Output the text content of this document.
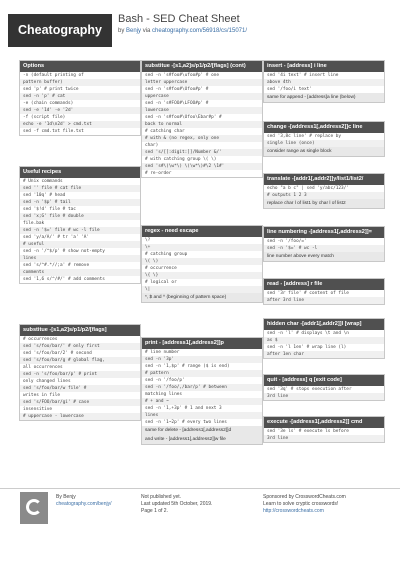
Cheatography
Bash - SED Cheat Sheet
by Benjy via cheatography.com/56918/cs/15071/
Options
-n (default printing of
pattern buffer)
sed 'p' # print twice
sed -n 'p' # cat
-e (chain commands)
sed -e '1d' -e '2d'
-f (script file)
echo -e '1d\n2d' > cmd.txt
sed -f cmd.txt file.txt
Useful recipes
# Unix commands
sed '' file # cat file
sed '10q' # head
sed -n '$p' # tail
sed '$!d' file # tac
sed 'x;G' file # double
file.bak
sed -n '$=' file # wc -l file
sed 'y/a/A/' # tr 'a' 'A'
# useful
sed -n '/^$/p' # show not-empty
lines
sed 's/^#.*//;a' # remove
comments
sed '1,6 s/^/#/' # add comments
substitue -[s1,a2]s/p1/p2/[flags]
# occurrences
sed 's/foo/bar/' # only first
sed 's/foo/bar/2' # second
sed 's/foo/bar/g # global flag,
all occurrences
sed -n 's/foo/bar/p' # print
only changed lines
sed 's/foo/bar/w file' #
writes in file
sed 's/FOO/bar/gi' # case
insensitive
# uppercase - lowercase
substitue -[s1,a2]s/p1/p2/[flags] (cont)
sed -n 's#foo#\ufoo#p' # one
letter uppercase
sed -n 's#foo#\Ufoo#p' #
uppercase
sed -n 's#FOO#\LFOO#p' #
lowercase
sed -n 's#foo#\Ufoo\Ebar#p' #
back to normal
# catching char
# with & (no regex, only one
char)
sed 's/[[:digit:]]/Number &/'
# with catching group \( \)
sed 's#\(\w*\) \(\w*\)#\2 \1#'
# re-order
regex - need escape
\?
\+
# catching group
\( \)
# occurrence
\{ \}
# logical or
\|
*, $ and ^ (beginning of pattern space)
print - [address1[,address2]]p
# line number
sed -n '3p'
sed -n '1,$p' # range ($ is end)
# pattern
sed -n '/foo/p'
sed -n '/foo/,/bar/p' # between
matching lines
# + and ~
sed -n '1,+3p' # 1 and next 3
lines
sed -n '1~2p' # every two lines
same for delete - [address1[,address2]]d
and write - [address1[,address2]]w file
insert - [address] i line
sed '4i text' # insert line
above 4th
sed '/foo/i text'
same for append - [address]a line (below)
change -[address1[,address2]]c line
sed '3,8c line' # replace by
single line (once)
consider range as single block
translate -[addr1[,addr2]]y/list1/list2/
echo "a b c" | sed 'y/abc/123/'
# outputs 1 2 3
replace char l of list1 by char l of list2
line numbering -[address1[,address2]]=
sed -n '/foo/='
sed -n '$=' # wc -l
line number above every match
read - [address] r file
sed '3r file' # content of file
after 3rd line
hidden char -[addr1[,addr2]]l [wrap]
sed -n 'l' # displays \t and \n
as $
sed -n 'l 1en' # wrap line (l)
after 1en char
quit - [address] q [exit code]
sed '3q' # stops execution after
3rd line
execute -[address1[,address2]] cmd
sed '3e ls' # execute ls before
3rd line
By Benjy
cheatography.com/benjy/
Not published yet.
Last updated 5th October, 2019.
Page 1 of 2.
Sponsored by CrosswordCheats.com
Learn to solve cryptic crosswords!
http://crosswordcheats.com
